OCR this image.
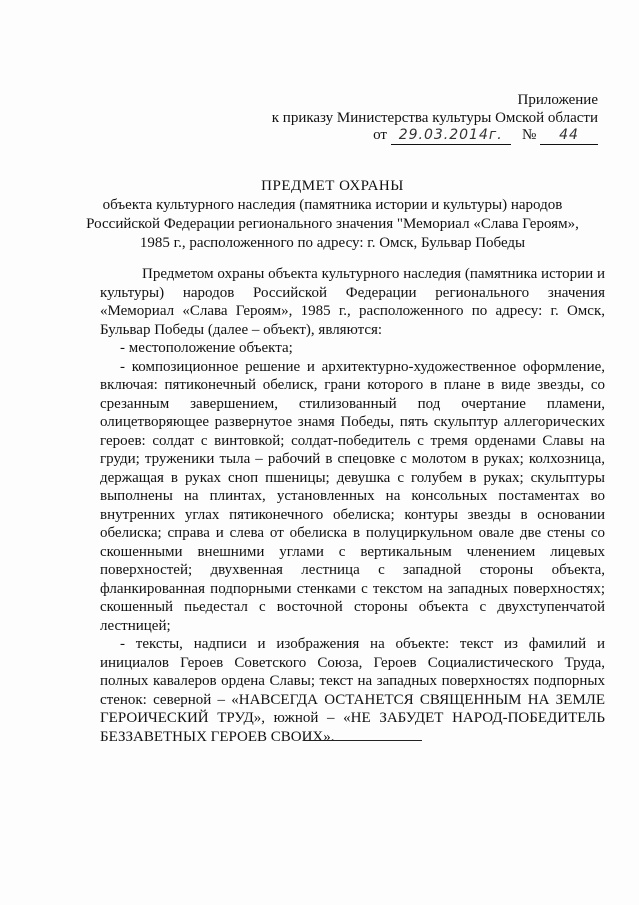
Приложение
к приказу Министерства культуры Омской области
от 29.03.2014г. № 44
ПРЕДМЕТ ОХРАНЫ
объекта культурного наследия (памятника истории и культуры) народов
Российской Федерации регионального значения "Мемориал «Слава Героям»,
1985 г., расположенного по адресу: г. Омск, Бульвар Победы

Предметом охраны объекта культурного наследия (памятника истории и культуры) народов Российской Федерации регионального значения «Мемориал «Слава Героям», 1985 г., расположенного по адресу: г. Омск, Бульвар Победы (далее – объект), являются:

- местоположение объекта;

- композиционное решение и архитектурно-художественное оформление, включая: пятиконечный обелиск, грани которого в плане в виде звезды, со срезанным завершением, стилизованный под очертание пламени, олицетворяющее развернутое знамя Победы, пять скульптур аллегорических героев: солдат с винтовкой; солдат-победитель с тремя орденами Славы на груди; труженики тыла – рабочий в спецовке с молотом в руках; колхозница, держащая в руках сноп пшеницы; девушка с голубем в руках; скульптуры выполнены на плинтах, установленных на консольных постаментах во внутренних углах пятиконечного обелиска; контуры звезды в основании обелиска; справа и слева от обелиска в полуциркульном овале две стены со скошенными внешними углами с вертикальным членением лицевых поверхностей; двухвенная лестница с западной стороны объекта, фланкированная подпорными стенками с текстом на западных поверхностях; скошенный пьедестал с восточной стороны объекта с двухступенчатой лестницей;

- тексты, надписи и изображения на объекте: текст из фамилий и инициалов Героев Советского Союза, Героев Социалистического Труда, полных кавалеров ордена Славы; текст на западных поверхностях подпорных стенок: северной – «НАВСЕГДА ОСТАНЕТСЯ СВЯЩЕННЫМ НА ЗЕМЛЕ ГЕРОИЧЕСКИЙ ТРУД», южной – «НЕ ЗАБУДЕТ НАРОД-ПОБЕДИТЕЛЬ БЕЗЗАВЕТНЫХ ГЕРОЕВ СВОИХ».
